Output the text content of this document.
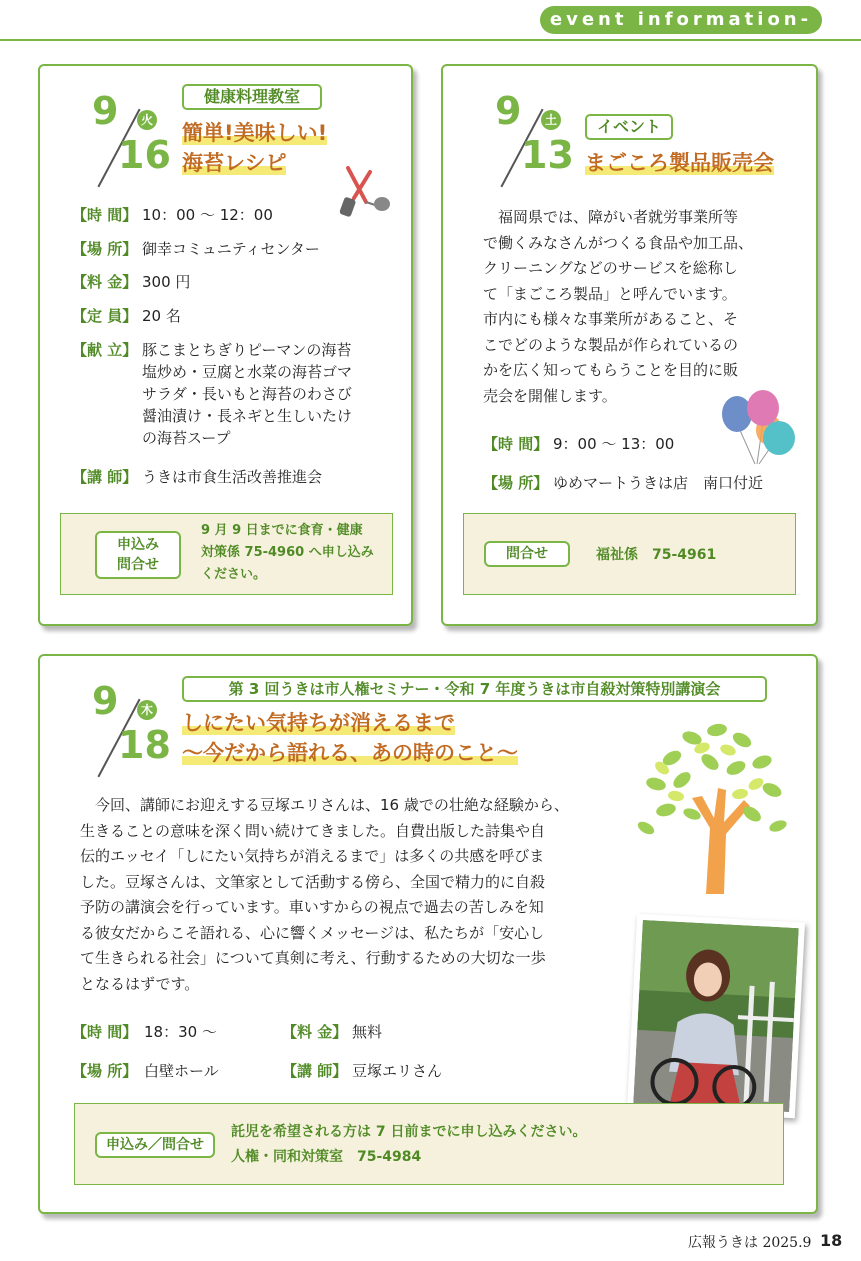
event information-
9	火
16
健康料理教室
簡単!美味しい!
海苔レシピ
【時 間】 10：00 〜 12：00
【場 所】 御幸コミュニティセンター
【料 金】 300 円
【定 員】 20 名
【献 立】 豚こまとちぎりピーマンの海苔
塩炒め・豆腐と水菜の海苔ゴマ
サラダ・長いもと海苔のわさび
醤油漬け・長ネギと生しいたけ
の海苔スープ
【講 師】 うきは市食生活改善推進会
申込み
問合せ
9 月 9 日までに食育・健康
対策係 75-4960 へ申し込み
ください。
9	土
13
イベント
まごころ製品販売会
　福岡県では、障がい者就労事業所等
で働くみなさんがつくる食品や加工品、
クリーニングなどのサービスを総称し
て「まごころ製品」と呼んでいます。
市内にも様々な事業所があること、そ
こでどのような製品が作られているの
かを広く知ってもらうことを目的に販
売会を開催します。
【時 間】 9：00 〜 13：00
【場 所】 ゆめマートうきは店　南口付近
問合せ	福祉係　75-4961
9	木
18
第 3 回うきは市人権セミナー・令和 7 年度うきは市自殺対策特別講演会
しにたい気持ちが消えるまで
〜今だから語れる、あの時のこと〜
　今回、講師にお迎えする豆塚エリさんは、16 歳での壮絶な経験から、
生きることの意味を深く問い続けてきました。自費出版した詩集や自
伝的エッセイ「しにたい気持ちが消えるまで」は多くの共感を呼びま
した。豆塚さんは、文筆家として活動する傍ら、全国で精力的に自殺
予防の講演会を行っています。車いすからの視点で過去の苦しみを知
る彼女だからこそ語れる、心に響くメッセージは、私たちが「安心し
て生きられる社会」について真剣に考え、行動するための大切な一歩
となるはずです。
【時 間】 18：30 〜	【料 金】 無料
【場 所】 白壁ホール	【講 師】 豆塚エリさん
申込み／問合せ
託児を希望される方は 7 日前までに申し込みください。
人権・同和対策室　75-4984
広報うきは 2025.9 18
